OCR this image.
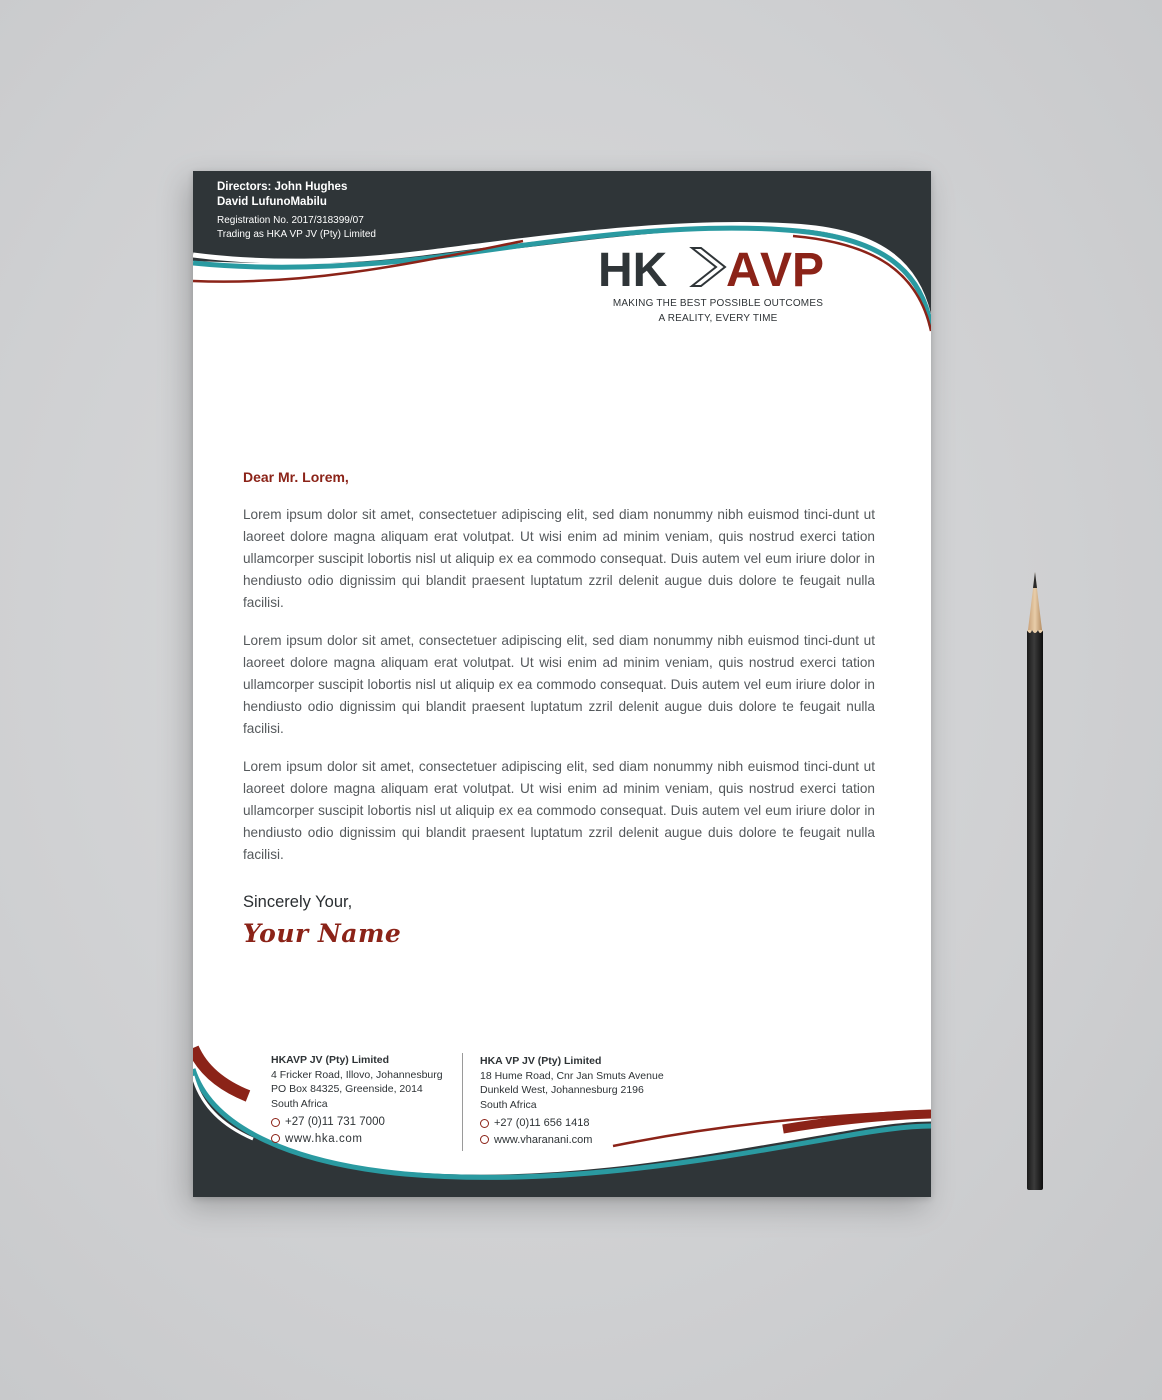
Directors: John Hughes
David LufunoMabilu
Registration No. 2017/318399/07
Trading as HKA VP JV (Pty) Limited
HK A VP
MAKING THE BEST POSSIBLE OUTCOMES
A REALITY, EVERY TIME
Dear Mr. Lorem,

Lorem ipsum dolor sit amet, consectetuer adipiscing elit, sed diam nonummy nibh euismod tinci-dunt ut laoreet dolore magna aliquam erat volutpat. Ut wisi enim ad minim veniam, quis nostrud exerci tation ullamcorper suscipit lobortis nisl ut aliquip ex ea commodo consequat. Duis autem vel eum iriure dolor in hendiusto odio dignissim qui blandit praesent luptatum zzril delenit augue duis dolore te feugait nulla facilisi.

Lorem ipsum dolor sit amet, consectetuer adipiscing elit, sed diam nonummy nibh euismod tinci-dunt ut laoreet dolore magna aliquam erat volutpat. Ut wisi enim ad minim veniam, quis nostrud exerci tation ullamcorper suscipit lobortis nisl ut aliquip ex ea commodo consequat. Duis autem vel eum iriure dolor in hendiusto odio dignissim qui blandit praesent luptatum zzril delenit augue duis dolore te feugait nulla facilisi.

Lorem ipsum dolor sit amet, consectetuer adipiscing elit, sed diam nonummy nibh euismod tinci-dunt ut laoreet dolore magna aliquam erat volutpat. Ut wisi enim ad minim veniam, quis nostrud exerci tation ullamcorper suscipit lobortis nisl ut aliquip ex ea commodo consequat. Duis autem vel eum iriure dolor in hendiusto odio dignissim qui blandit praesent luptatum zzril delenit augue duis dolore te feugait nulla facilisi.

Sincerely Your,
Your Name
HKAVP JV (Pty) Limited
4 Fricker Road, Illovo, Johannesburg
PO Box 84325, Greenside, 2014
South Africa
+27 (0)11 731 7000
www.hka.com
HKA VP JV (Pty) Limited
18 Hume Road, Cnr Jan Smuts Avenue
Dunkeld West, Johannesburg 2196
South Africa
+27 (0)11 656 1418
www.vharanani.com
